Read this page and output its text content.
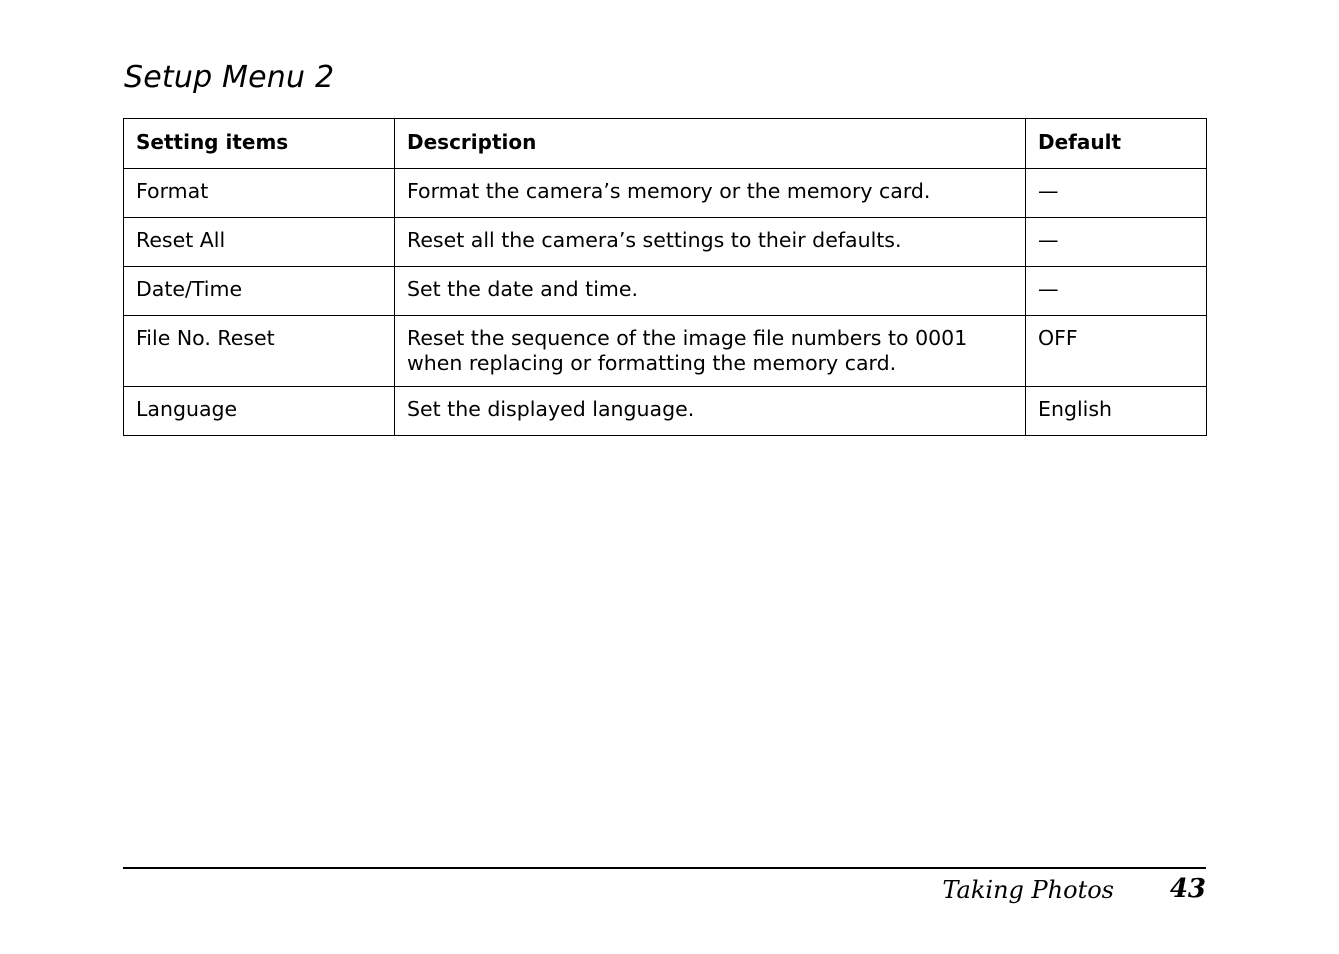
Setup Menu 2
Setting items	Description	Default
Format	Format the camera’s memory or the memory card.	—
Reset All	Reset all the camera’s settings to their defaults.	—
Date/Time	Set the date and time.	—
File No. Reset	Reset the sequence of the image file numbers to 0001 when replacing or formatting the memory card.	OFF
Language	Set the displayed language.	English
Taking Photos	43
